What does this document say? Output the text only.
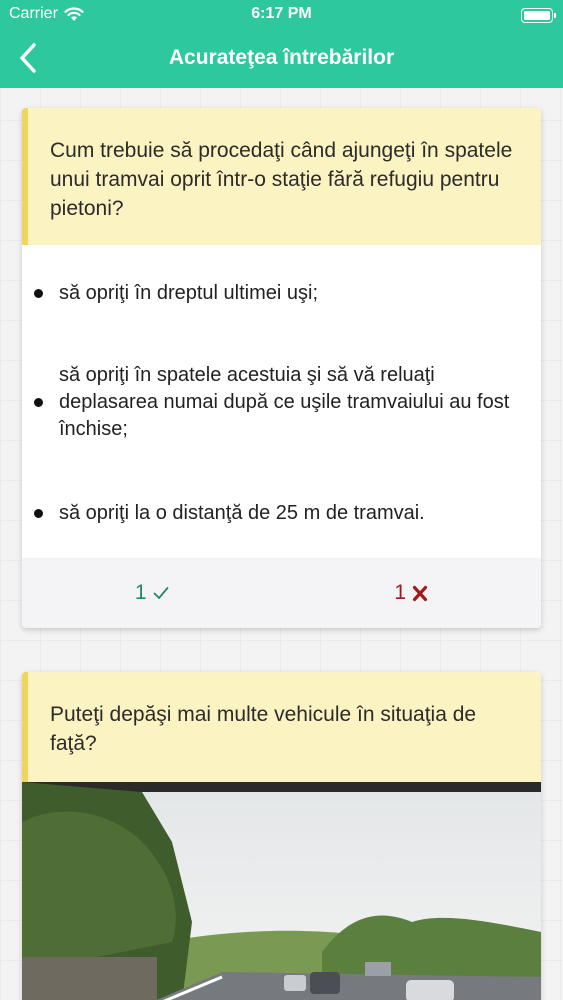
Carrier	6:17 PM
Acurateţea întrebărilor
Cum trebuie să procedaţi când ajungeţi în spatele unui tramvai oprit într-o staţie fără refugiu pentru pietoni?
să opriţi în dreptul ultimei uşi;
să opriţi în spatele acestuia şi să vă reluaţi deplasarea numai după ce uşile tramvaiului au fost închise;
să opriţi la o distanţă de 25 m de tramvai.
1	1
Puteţi depăşi mai multe vehicule în situaţia de faţă?
